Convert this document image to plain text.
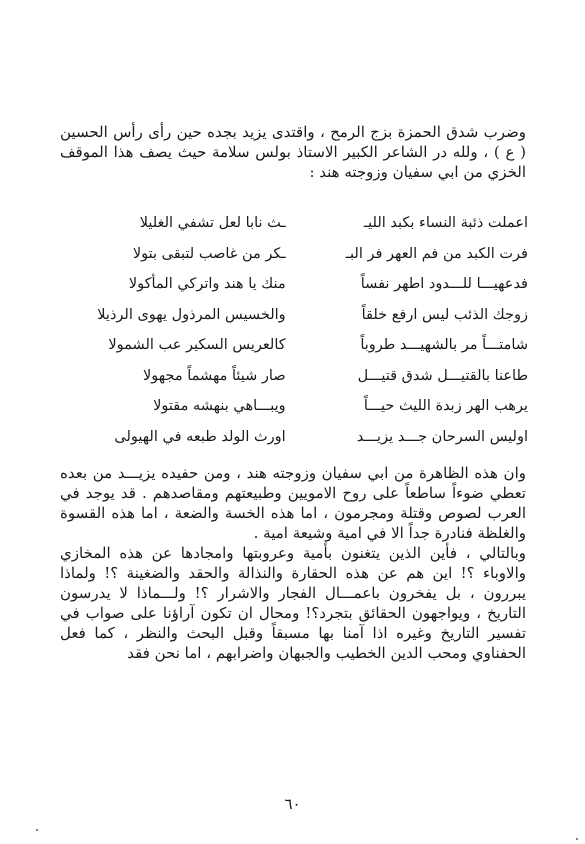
وضرب شدق الحمزة بزج الرمح ، واقتدى يزيد بجده حين رأى رأس الحسين ( ع ) ، ولله در الشاعر الكبير الاستاذ بولس سلامة حيث يصف هذا الموقف الخزي من ابي سفيان وزوجته هند :

اعملت ذئبة النساء بكبد الليـ
ـث نابا لعل تشفي الغليلا
فرت الكبد من فم العهر فر البـ
ـكر من غاصب لتبقى بتولا
فدعهيـــا للـــدود اطهر نفساً
منك يا هند واتركي المأكولا
زوجك الذئب ليس ارفع خلقاً
والخسيس المرذول يهوى الرذيلا
شامتـــاً مر بالشهيـــد طروباً
كالعريس السكير عب الشمولا
طاعنا بالقتيـــل شدق قتيـــل
صار شيئاً مهشماً مجهولا
يرهب الهر زبدة الليث حيـــاً
ويبـــاهي بنهشه مقتولا
اوليس السرحان جـــد يزيـــد
اورث الولد طبعه في الهيولى

وان هذه الظاهرة من ابي سفيان وزوجته هند ، ومن حفيده يزيـــد من بعده تعطي ضوءاً ساطعاً على روح الامويين وطبيعتهم ومقاصدهم . قد يوجد في العرب لصوص وقتلة ومجرمون ، اما هذه الخسة والضعة ، اما هذه القسوة والغلظة فنادرة جداً الا في امية وشيعة امية .

وبالتالي ، فأين الذين يتغنون بأمية وعروبتها وامجادها عن هذه المخازي والاوباء ؟! اين هم عن هذه الحقارة والنذالة والحقد والضغينة ؟! ولماذا يبررون ، بل يفخرون باعمـــال الفجار والاشرار ؟! ولـــماذا لا يدرسون التاريخ ، ويواجهون الحقائق بتجرد؟! ومحال ان تكون آراؤنا على صواب في تفسير التاريخ وغيره اذا آمنا بها مسبقاً وقبل البحث والنظر ، كما فعل الحفناوي ومحب الدين الخطيب والجبهان واضرابهم ، اما نحن فقد

٦٠
